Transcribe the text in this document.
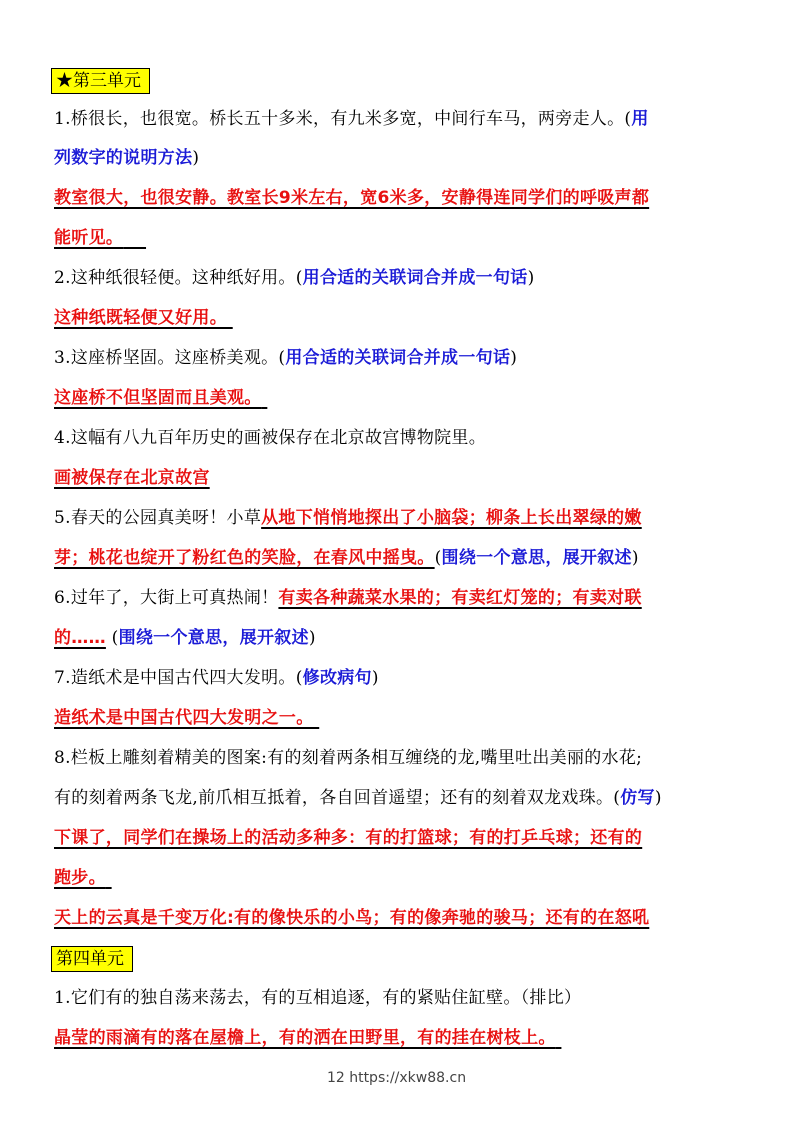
★第三单元
1.桥很长，也很宽。桥长五十多米，有九米多宽，中间行车马，两旁走人。(用
列数字的说明方法)
教室很大，也很安静。教室长9米左右，宽6米多，安静得连同学们的呼吸声都
能听见。
2.这种纸很轻便。这种纸好用。(用合适的关联词合并成一句话)
这种纸既轻便又好用。
3.这座桥坚固。这座桥美观。(用合适的关联词合并成一句话)
这座桥不但坚固而且美观。
4.这幅有八九百年历史的画被保存在北京故宫博物院里。
画被保存在北京故宫
5.春天的公园真美呀！小草从地下悄悄地探出了小脑袋；柳条上长出翠绿的嫩
芽；桃花也绽开了粉红色的笑脸，在春风中摇曳。(围绕一个意思，展开叙述)
6.过年了，大街上可真热闹！有卖各种蔬菜水果的；有卖红灯笼的；有卖对联
的…… (围绕一个意思，展开叙述)
7.造纸术是中国古代四大发明。(修改病句)
造纸术是中国古代四大发明之一。
8.栏板上雕刻着精美的图案:有的刻着两条相互缠绕的龙,嘴里吐出美丽的水花;
有的刻着两条飞龙,前爪相互抵着，各自回首遥望；还有的刻着双龙戏珠。(仿写)
下课了，同学们在操场上的活动多种多：有的打篮球；有的打乒乓球；还有的
跑步。
天上的云真是千变万化:有的像快乐的小鸟；有的像奔驰的骏马；还有的在怒吼
第四单元
1.它们有的独自荡来荡去，有的互相追逐，有的紧贴住缸壁。（排比）
晶莹的雨滴有的落在屋檐上，有的洒在田野里，有的挂在树枝上。
12 https://xkw88.cn
